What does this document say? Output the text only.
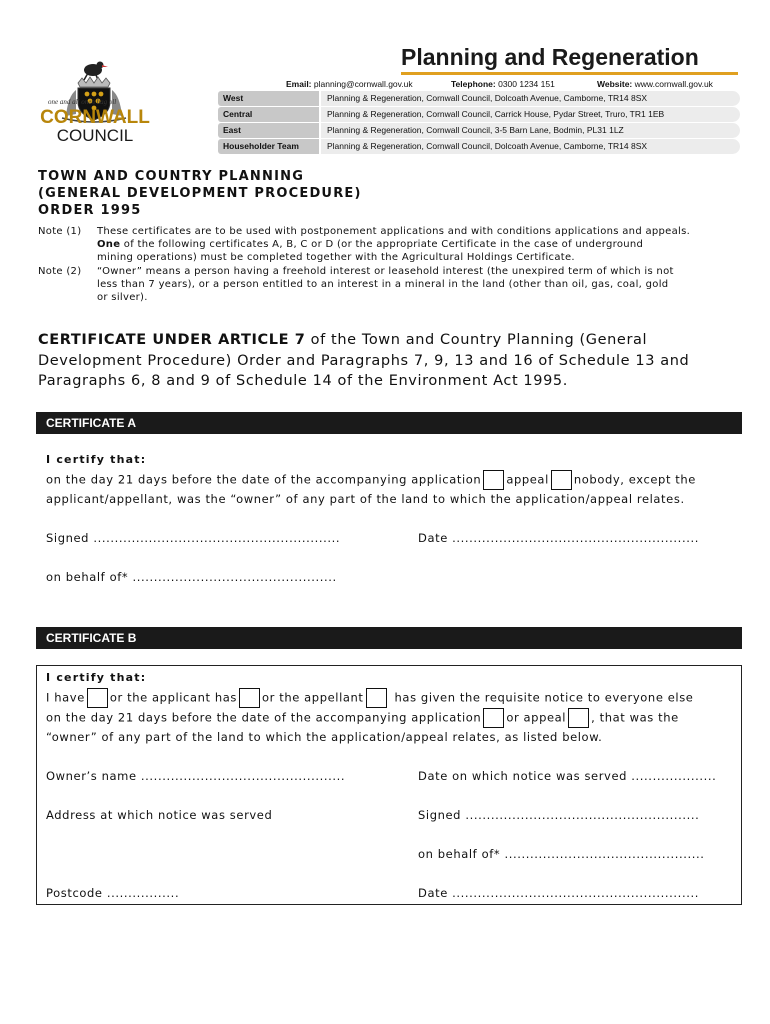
one and all onen hag oll
CORNWALL
COUNCIL
Planning and Regeneration
Email: planning@cornwall.gov.uk	Telephone: 0300 1234 151	Website: www.cornwall.gov.uk
West	Planning & Regeneration, Cornwall Council, Dolcoath Avenue, Camborne, TR14 8SX
Central	Planning & Regeneration, Cornwall Council, Carrick House, Pydar Street, Truro, TR1 1EB
East	Planning & Regeneration, Cornwall Council, 3-5 Barn Lane, Bodmin, PL31 1LZ
Householder Team	Planning & Regeneration, Cornwall Council, Dolcoath Avenue, Camborne, TR14 8SX
TOWN AND COUNTRY PLANNING
(GENERAL DEVELOPMENT PROCEDURE)
ORDER 1995
Note (1) These certificates are to be used with postponement applications and with conditions applications and appeals.
One of the following certificates A, B, C or D (or the appropriate Certificate in the case of underground
mining operations) must be completed together with the Agricultural Holdings Certificate.
Note (2) “Owner” means a person having a freehold interest or leasehold interest (the unexpired term of which is not
less than 7 years), or a person entitled to an interest in a mineral in the land (other than oil, gas, coal, gold
or silver).
CERTIFICATE UNDER ARTICLE 7 of the Town and Country Planning (General
Development Procedure) Order and Paragraphs 7, 9, 13 and 16 of Schedule 13 and
Paragraphs 6, 8 and 9 of Schedule 14 of the Environment Act 1995.
CERTIFICATE A
I certify that:
on the day 21 days before the date of the accompanying application appeal nobody, except the
applicant/appellant, was the “owner” of any part of the land to which the application/appeal relates.
Signed ..........................................................	Date ..........................................................
on behalf of* ................................................
CERTIFICATE B
I certify that:
I have or the applicant has or the appellant	has given the requisite notice to everyone else
on the day 21 days before the date of the accompanying application or appeal , that was the
“owner” of any part of the land to which the application/appeal relates, as listed below.
Owner’s name ................................................	Date on which notice was served ....................
Address at which notice was served	Signed .......................................................
on behalf of* ...............................................
Postcode .................	Date ..........................................................
